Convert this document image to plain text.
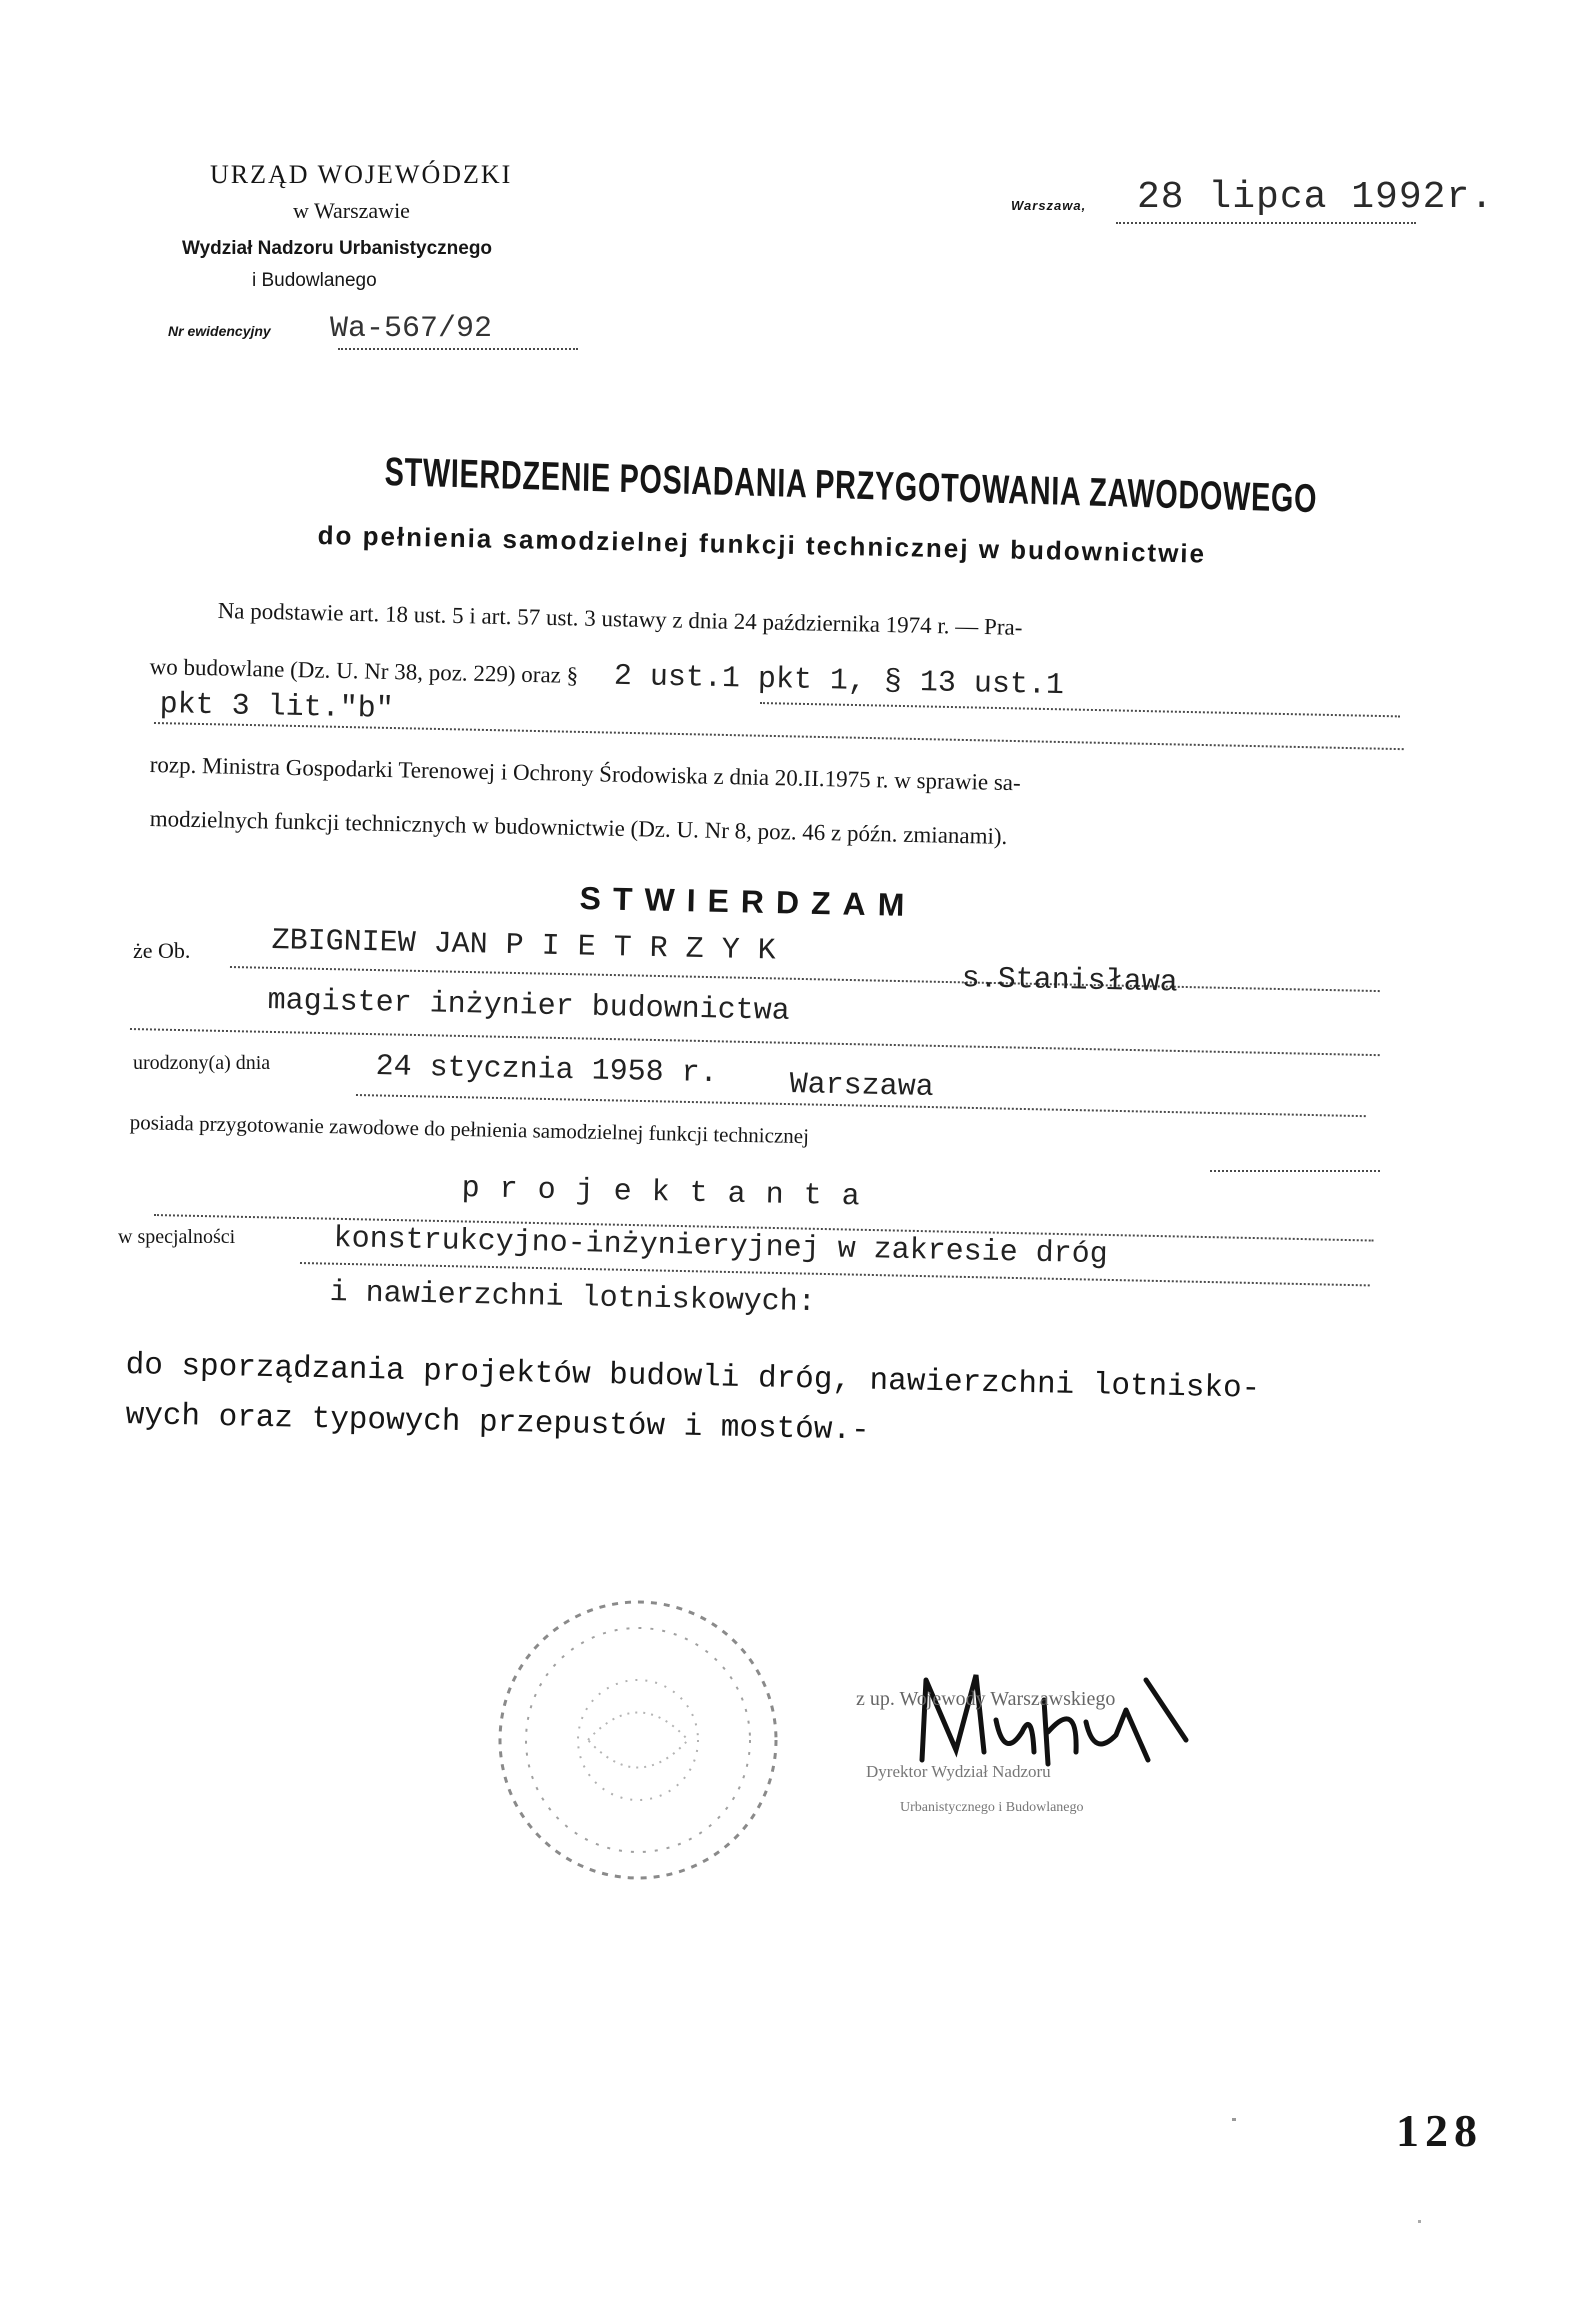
URZĄD WOJEWÓDZKI
w Warszawie
Wydział Nadzoru Urbanistycznego
i Budowlanego
Nr ewidencyjny Wa-567/92
Warszawa, 28 lipca 1992r.
STWIERDZENIE POSIADANIA PRZYGOTOWANIA ZAWODOWEGO
do pełnienia samodzielnej funkcji technicznej w budownictwie
Na podstawie art. 18 ust. 5 i art. 57 ust. 3 ustawy z dnia 24 października 1974 r. — Pra-
wo budowlane (Dz. U. Nr 38, poz. 229) oraz § 2 ust.1 pkt 1, § 13 ust.1
pkt 3 lit."b"
rozp. Ministra Gospodarki Terenowej i Ochrony Środowiska z dnia 20.II.1975 r. w sprawie sa-
modzielnych funkcji technicznych w budownictwie (Dz. U. Nr 8, poz. 46 z późn. zmianami).
STWIERDZAM
że Ob.	ZBIGNIEW JAN P I E T R Z Y K
s.Stanisława
magister inżynier budownictwa
urodzony(a) dnia	24 stycznia 1958 r. Warszawa
posiada przygotowanie zawodowe do pełnienia samodzielnej funkcji technicznej
projektanta
w specjalności	konstrukcyjno-inżynieryjnej w zakresie dróg
i nawierzchni lotniskowych:
do sporządzania projektów budowli dróg, nawierzchni lotnisko-
wych oraz typowych przepustów i mostów.-
z up. Wojewody Warszawskiego
Dyrektor Wydział Nadzoru
Urbanistycznego i Budowlanego
128
